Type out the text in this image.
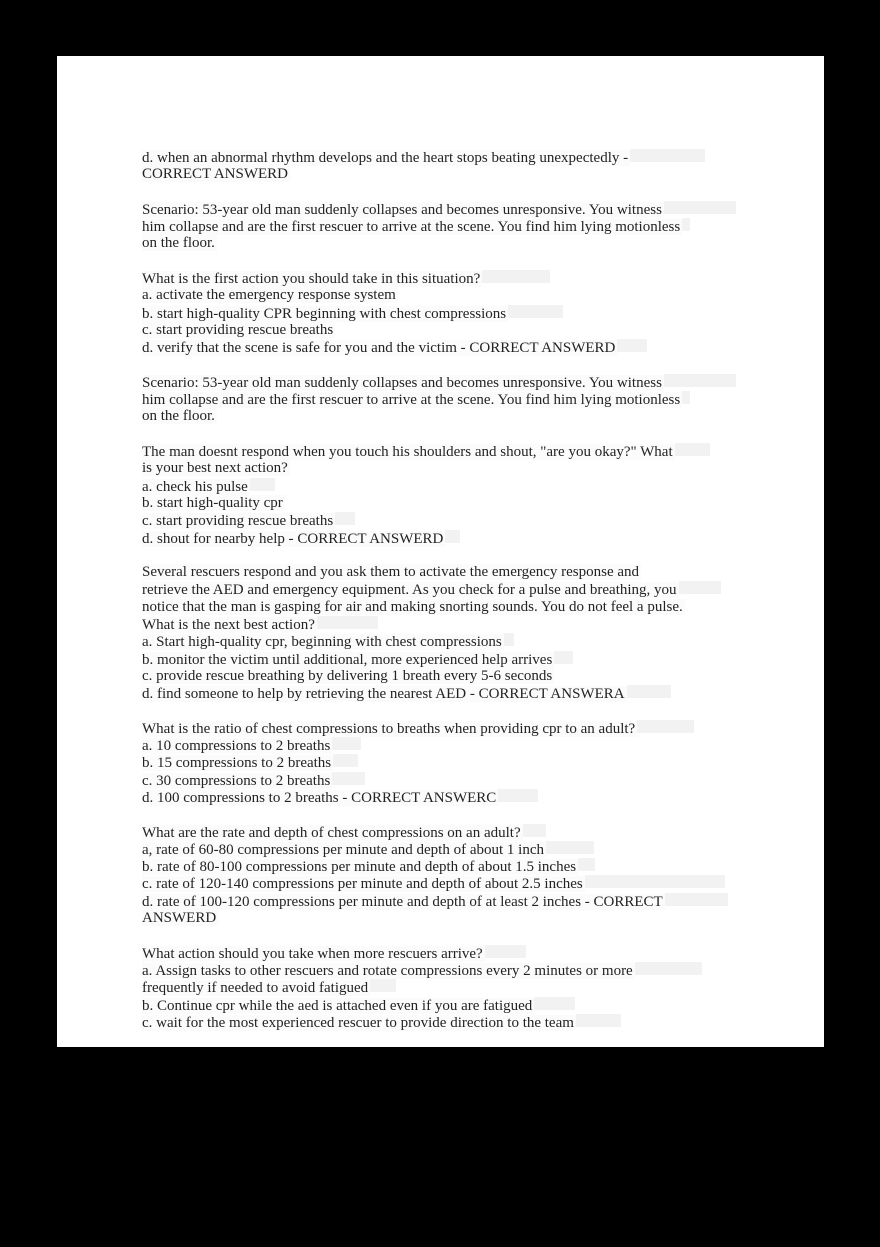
d. when an abnormal rhythm develops and the heart stops beating unexpectedly -
CORRECT ANSWERD
Scenario: 53-year old man suddenly collapses and becomes unresponsive. You witness
him collapse and are the first rescuer to arrive at the scene. You find him lying motionless
on the floor.
What is the first action you should take in this situation?
a. activate the emergency response system
b. start high-quality CPR beginning with chest compressions
c. start providing rescue breaths
d. verify that the scene is safe for you and the victim - CORRECT ANSWERD
Scenario: 53-year old man suddenly collapses and becomes unresponsive. You witness
him collapse and are the first rescuer to arrive at the scene. You find him lying motionless
on the floor.
The man doesnt respond when you touch his shoulders and shout, "are you okay?" What
is your best next action?
a. check his pulse
b. start high-quality cpr
c. start providing rescue breaths
d. shout for nearby help - CORRECT ANSWERD
Several rescuers respond and you ask them to activate the emergency response and
retrieve the AED and emergency equipment. As you check for a pulse and breathing, you
notice that the man is gasping for air and making snorting sounds. You do not feel a pulse.
What is the next best action?
a. Start high-quality cpr, beginning with chest compressions
b. monitor the victim until additional, more experienced help arrives
c. provide rescue breathing by delivering 1 breath every 5-6 seconds
d. find someone to help by retrieving the nearest AED - CORRECT ANSWERA
What is the ratio of chest compressions to breaths when providing cpr to an adult?
a. 10 compressions to 2 breaths
b. 15 compressions to 2 breaths
c. 30 compressions to 2 breaths
d. 100 compressions to 2 breaths - CORRECT ANSWERC
What are the rate and depth of chest compressions on an adult?
a, rate of 60-80 compressions per minute and depth of about 1 inch
b. rate of 80-100 compressions per minute and depth of about 1.5 inches
c. rate of 120-140 compressions per minute and depth of about 2.5 inches
d. rate of 100-120 compressions per minute and depth of at least 2 inches - CORRECT
ANSWERD
What action should you take when more rescuers arrive?
a. Assign tasks to other rescuers and rotate compressions every 2 minutes or more
frequently if needed to avoid fatigued
b. Continue cpr while the aed is attached even if you are fatigued
c. wait for the most experienced rescuer to provide direction to the team
